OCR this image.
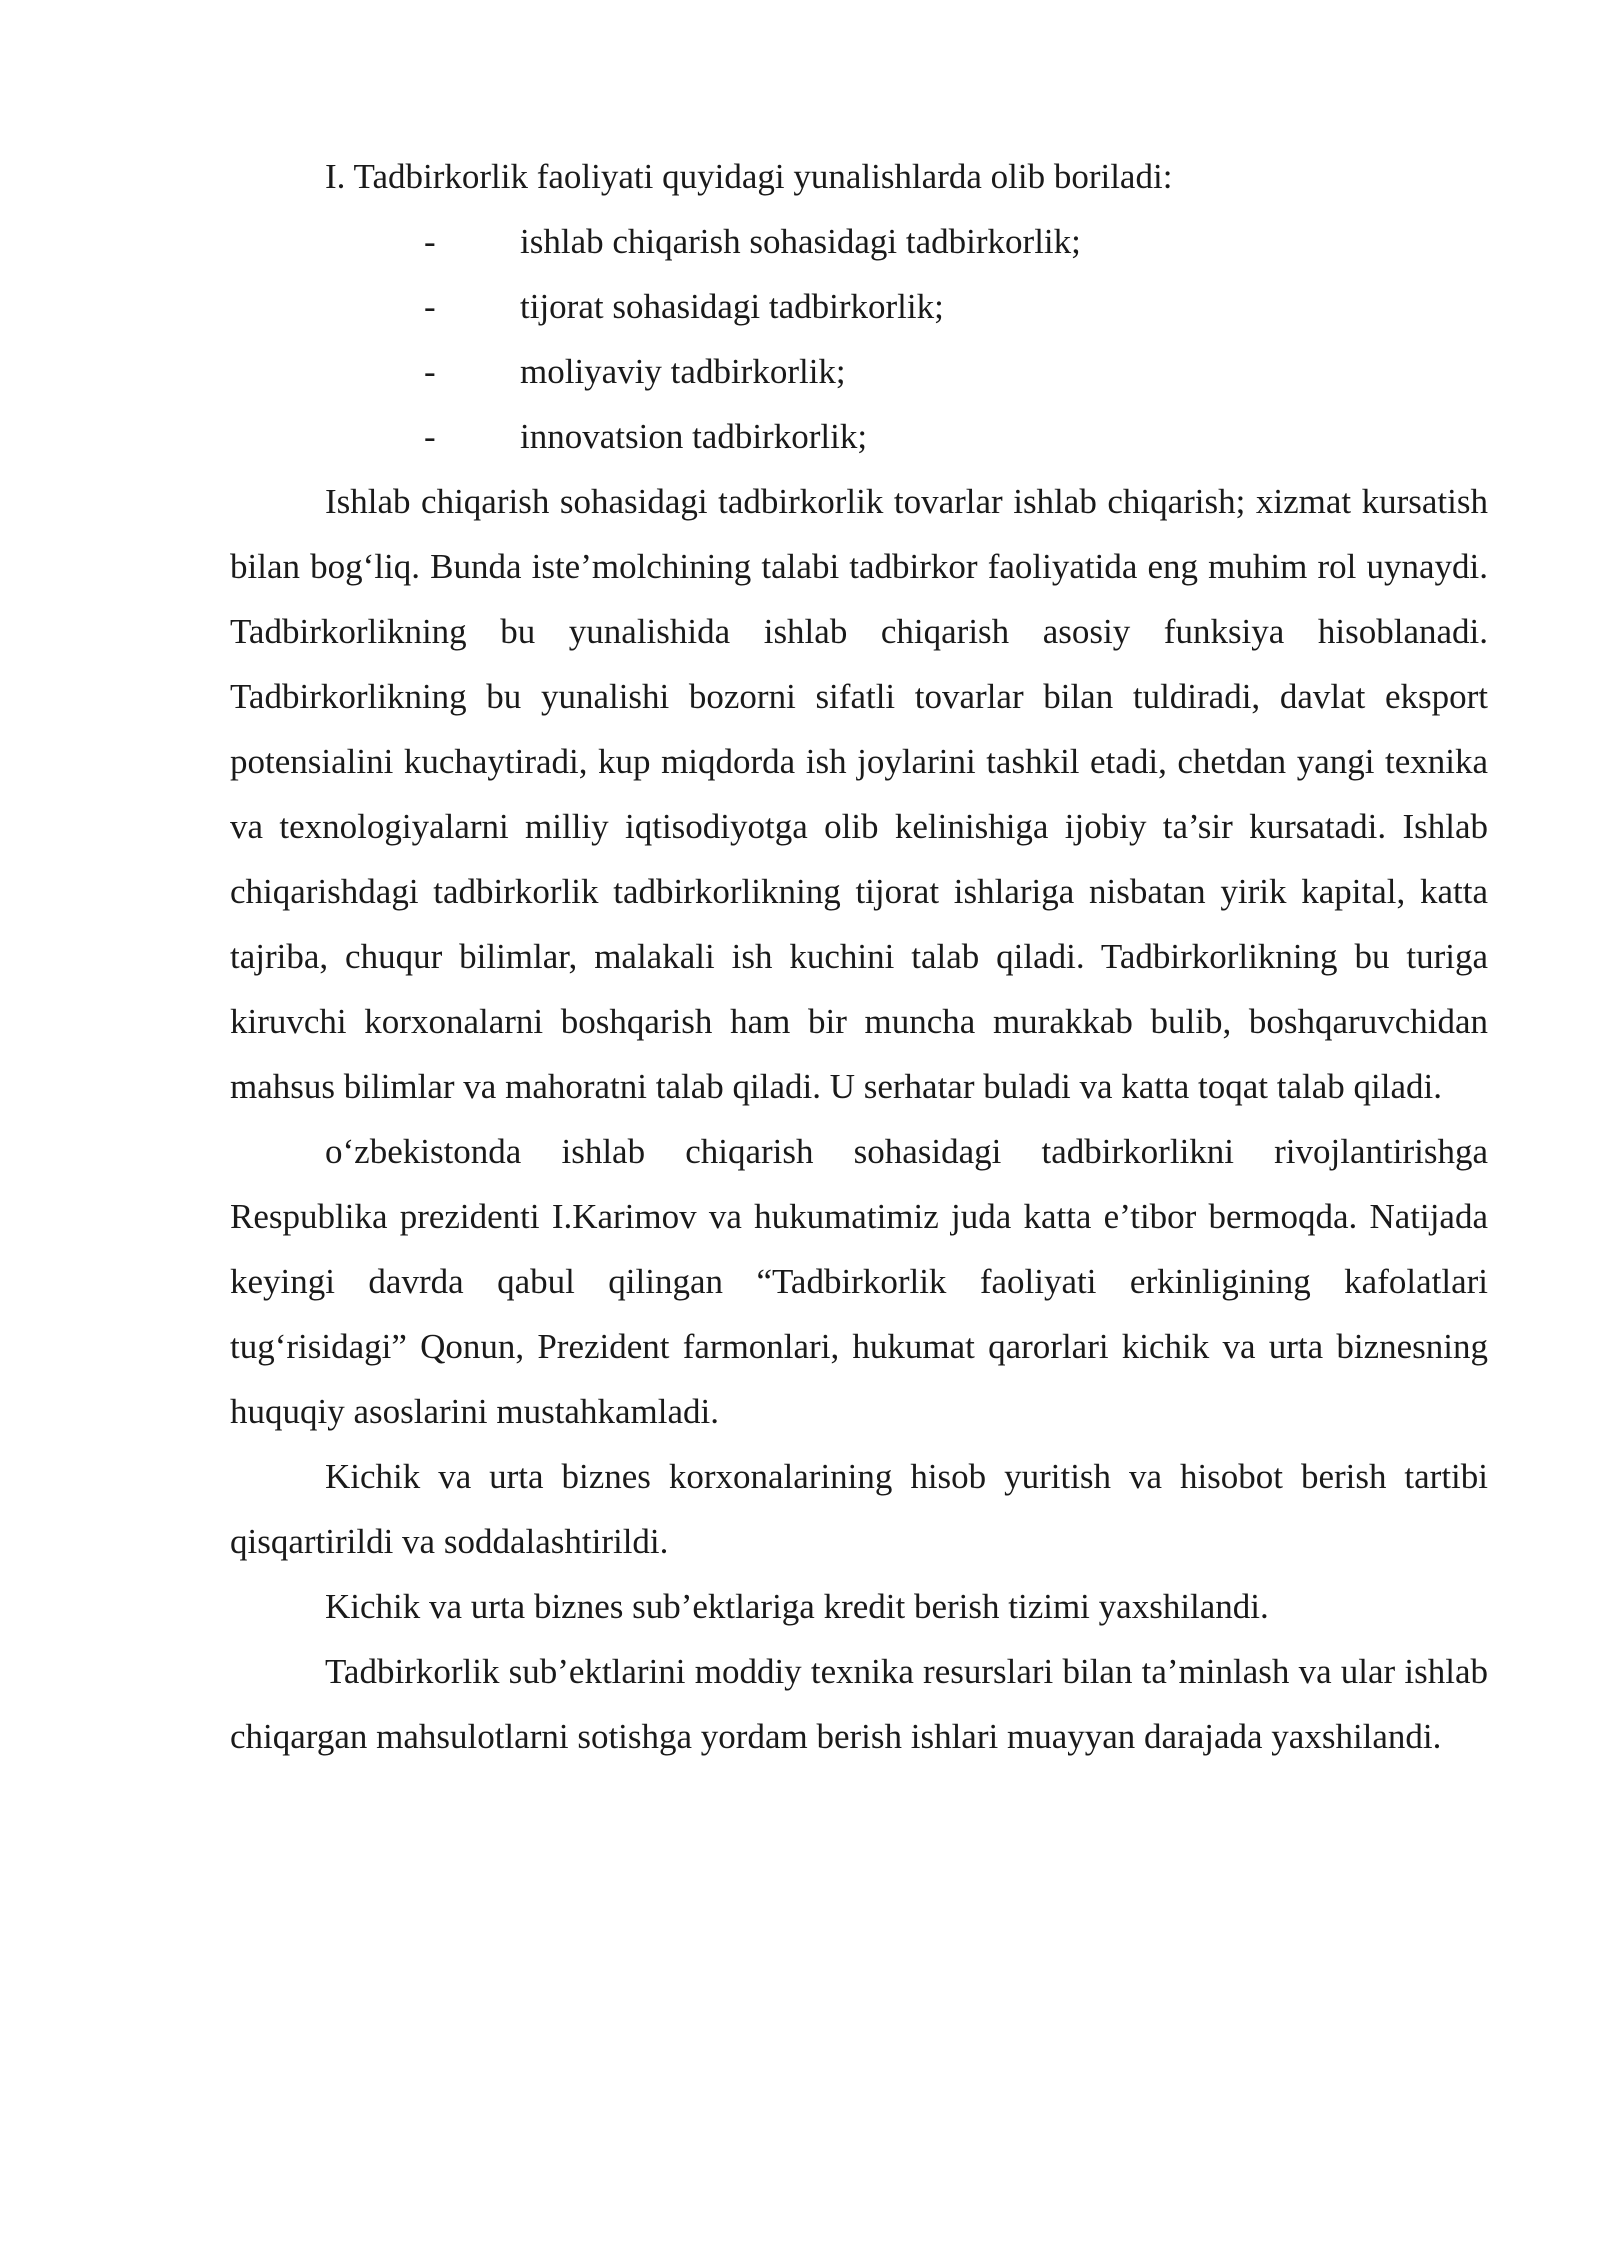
I. Tadbirkorlik faoliyati quyidagi yunalishlarda olib boriladi:

-	ishlab chiqarish sohasidagi tadbirkorlik;
-	tijorat sohasidagi tadbirkorlik;
-	moliyaviy tadbirkorlik;
-	innovatsion tadbirkorlik;

Ishlab chiqarish sohasidagi tadbirkorlik tovarlar ishlab chiqarish; xizmat kursatish bilan bog‘liq. Bunda iste’molchining talabi tadbirkor faoliyatida eng muhim rol uynaydi. Tadbirkorlikning bu yunalishida ishlab chiqarish asosiy funksiya hisoblanadi. Tadbirkorlikning bu yunalishi bozorni sifatli tovarlar bilan tuldiradi, davlat eksport potensialini kuchaytiradi, kup miqdorda ish joylarini tashkil etadi, chetdan yangi texnika va texnologiyalarni milliy iqtisodiyotga olib kelinishiga ijobiy ta’sir kursatadi. Ishlab chiqarishdagi tadbirkorlik tadbirkorlikning tijorat ishlariga nisbatan yirik kapital, katta tajriba, chuqur bilimlar, malakali ish kuchini talab qiladi. Tadbirkorlikning bu turiga kiruvchi korxonalarni boshqarish ham bir muncha murakkab bulib, boshqaruvchidan mahsus bilimlar va mahoratni talab qiladi. U serhatar buladi va katta toqat talab qiladi.

o‘zbekistonda ishlab chiqarish sohasidagi tadbirkorlikni rivojlantirishga Respublika prezidenti I.Karimov va hukumatimiz juda katta e’tibor bermoqda. Natijada keyingi davrda qabul qilingan “Tadbirkorlik faoliyati erkinligining kafolatlari tug‘risidagi” Qonun, Prezident farmonlari, hukumat qarorlari kichik va urta biznesning huquqiy asoslarini mustahkamladi.

Kichik va urta biznes korxonalarining hisob yuritish va hisobot berish tartibi qisqartirildi va soddalashtirildi.

Kichik va urta biznes sub’ektlariga kredit berish tizimi yaxshilandi.

Tadbirkorlik sub’ektlarini moddiy texnika resurslari bilan ta’minlash va ular ishlab chiqargan mahsulotlarni sotishga yordam berish ishlari muayyan darajada yaxshilandi.
